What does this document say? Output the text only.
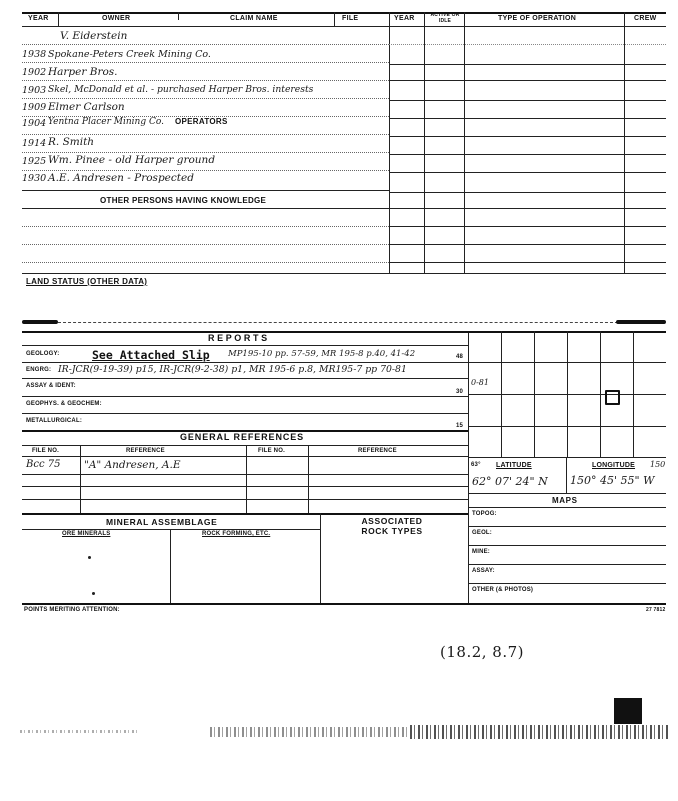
YEAR	OWNER	CLAIM NAME	FILE	YEAR	ACTIVE OR IDLE	TYPE OF OPERATION	CREW
V. Eiderstein
1938 Spokane-Peters Creek Mining Co.
1902 Harper Bros.
1903 Skel, McDonald et al. - purchased Harper Bros. interests
1909 Elmer Carlson
1904 Yentna Placer Mining Co. OPERATORS
1914 R. Smith
1925 Wm. Pinee - old Harper ground
1930 A.E. Andresen - Prospected
OTHER PERSONS HAVING KNOWLEDGE
LAND STATUS (OTHER DATA)
REPORTS
GEOLOGY:	See Attached Slip MP195-10 pp. 57-59, MR 195-8 p.40, 41-42	48
ENGRG: IR-JCR(9-19-39) p15, IR-JCR(9-2-38) p1, MR 195-6 p.8, MR195-7 pp 70-81
ASSAY & IDENT:
30
GEOPHYS. & GEOCHEM:
METALLURGICAL:
15
GENERAL REFERENCES
FILE NO.	REFERENCE	FILE NO.	REFERENCE
Bcc 75 "A" Andresen, A.E
MINERAL ASSEMBLAGE	ASSOCIATED ROCK TYPES
ORE MINERALS	ROCK FORMING, ETC.
0-81
63° LATITUDE	LONGITUDE 150
62° 07' 24" N 150° 45' 55" W
MAPS
TOPOG:
GEOL:
MINE:
ASSAY:
OTHER (& PHOTOS)
POINTS MERITING ATTENTION:	27 7812
(18.2, 8.7)
